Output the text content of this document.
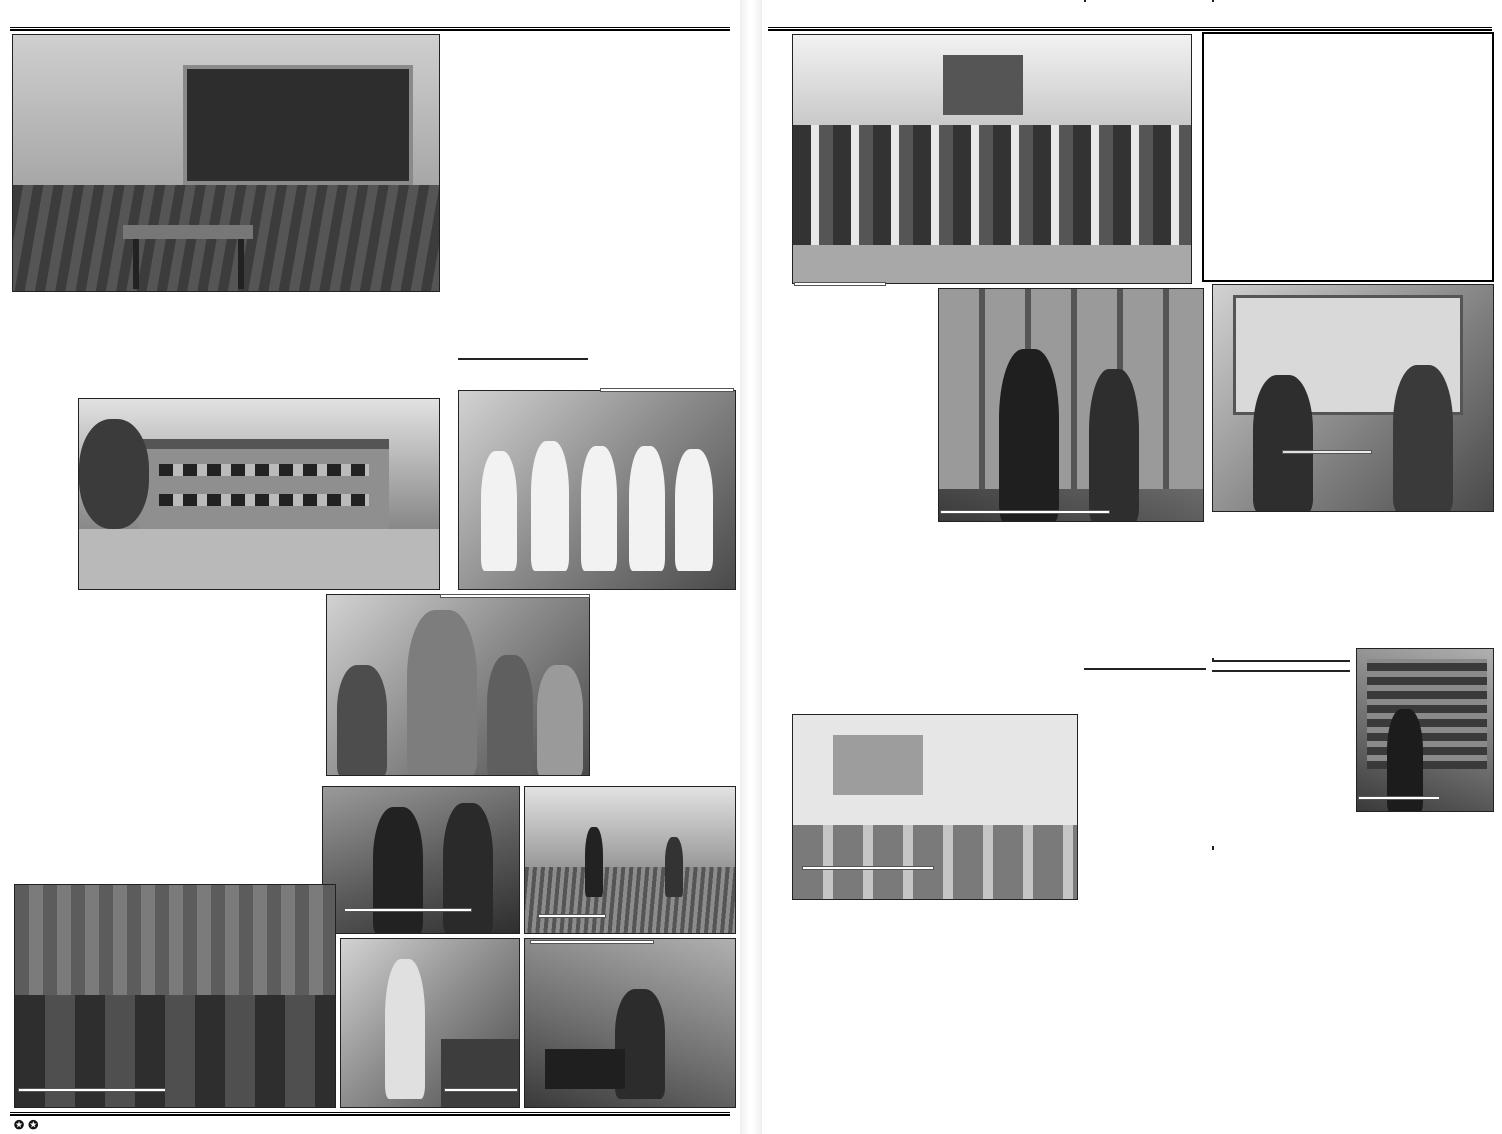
✪ ✪
